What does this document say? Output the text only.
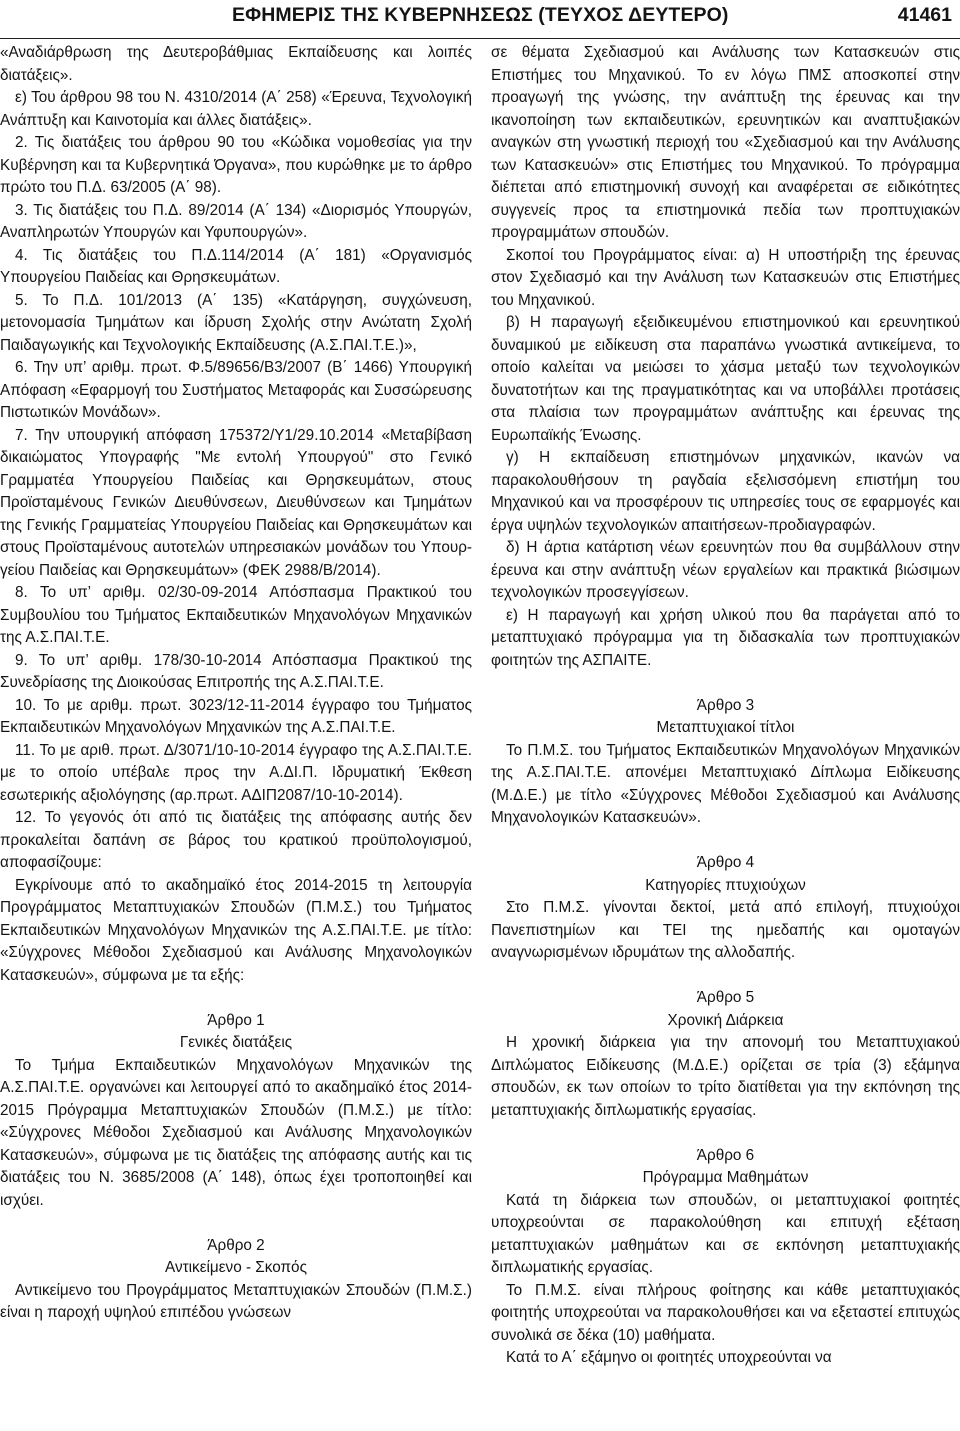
ΕΦΗΜΕΡΙΣ ΤΗΣ ΚΥΒΕΡΝΗΣΕΩΣ (ΤΕΥΧΟΣ ΔΕΥΤΕΡΟ)	41461

«Αναδιάρθρωση της Δευτεροβάθμιας Εκπαίδευσης και λοιπές διατάξεις».

ε) Του άρθρου 98 του Ν. 4310/2014 (Α΄ 258) «Έρευνα, Τεχνολογική Ανάπτυξη και Καινοτομία και άλλες διατάξεις».

2. Τις διατάξεις του άρθρου 90 του «Κώδικα νομοθεσίας για την Κυβέρνηση και τα Κυβερνητικά Όργανα», που κυρώθηκε με το άρθρο πρώτο του Π.Δ. 63/2005 (Α΄ 98).

3. Τις διατάξεις του Π.Δ. 89/2014 (Α΄ 134) «Διορισμός Υπουργών, Αναπληρωτών Υπουργών και Υφυπουργών».

4. Τις διατάξεις του Π.Δ.114/2014 (Α΄ 181) «Οργανισμός Υπουργείου Παιδείας και Θρησκευμάτων.

5. Το Π.Δ. 101/2013 (Α΄ 135) «Κατάργηση, συγχώνευση, μετονομασία Τμημάτων και ίδρυση Σχολής στην Ανώτατη Σχολή Παιδαγωγικής και Τεχνολογικής Εκπαίδευσης (Α.Σ.ΠΑΙ.Τ.Ε.)»,

6. Την υπ’ αριθμ. πρωτ. Φ.5/89656/Β3/2007 (Β΄ 1466) Υπουργική Απόφαση «Εφαρμογή του Συστήματος Μεταφοράς και Συσσώρευσης Πιστωτικών Μονάδων».

7. Την υπουργική απόφαση 175372/Υ1/29.10.2014 «Μεταβίβαση δικαιώματος Υπογραφής "Με εντολή Υπουργού" στο Γενικό Γραμματέα Υπουργείου Παιδείας και Θρησκευμάτων, στους Προϊσταμένους Γενικών Διευθύνσεων, Διευθύνσεων και Τμημάτων της Γενικής Γραμματείας Υπουργείου Παιδείας και Θρησκευμάτων και στους Προϊσταμένους αυτοτελών υπηρεσιακών μονάδων του Υπουργείου Παιδείας και Θρησκευμάτων» (ΦΕΚ 2988/Β/2014).

8. Το υπ’ αριθμ. 02/30-09-2014 Απόσπασμα Πρακτικού του Συμβουλίου του Τμήματος Εκπαιδευτικών Μηχανολόγων Μηχανικών της Α.Σ.ΠΑΙ.Τ.Ε.

9. Το υπ’ αριθμ. 178/30-10-2014 Απόσπασμα Πρακτικού της Συνεδρίασης της Διοικούσας Επιτροπής της Α.Σ.ΠΑΙ.Τ.Ε.

10. Το με αριθμ. πρωτ. 3023/12-11-2014 έγγραφο του Τμήματος Εκπαιδευτικών Μηχανολόγων Μηχανικών της Α.Σ.ΠΑΙ.Τ.Ε.

11. Το με αριθ. πρωτ. Δ/3071/10-10-2014 έγγραφο της Α.Σ.ΠΑΙ.Τ.Ε. με το οποίο υπέβαλε προς την Α.ΔΙ.Π. Ιδρυματική Έκθεση εσωτερικής αξιολόγησης (αρ.πρωτ. ΑΔΙΠ2087/10-10-2014).

12. Το γεγονός ότι από τις διατάξεις της απόφασης αυτής δεν προκαλείται δαπάνη σε βάρος του κρατικού προϋπολογισμού, αποφασίζουμε:

Εγκρίνουμε από το ακαδημαϊκό έτος 2014-2015 τη λειτουργία Προγράμματος Μεταπτυχιακών Σπουδών (Π.Μ.Σ.) του Τμήματος Εκπαιδευτικών Μηχανολόγων Μηχανικών της Α.Σ.ΠΑΙ.Τ.Ε. με τίτλο: «Σύγχρονες Μέθοδοι Σχεδιασμού και Ανάλυσης Μηχανολογικών Κατασκευών», σύμφωνα με τα εξής:

Άρθρο 1

Γενικές διατάξεις

Το Τμήμα Εκπαιδευτικών Μηχανολόγων Μηχανικών της Α.Σ.ΠΑΙ.Τ.Ε. οργανώνει και λειτουργεί από το ακαδημαϊκό έτος 2014-2015 Πρόγραμμα Μεταπτυχιακών Σπουδών (Π.Μ.Σ.) με τίτλο: «Σύγχρονες Μέθοδοι Σχεδιασμού και Ανάλυσης Μηχανολογικών Κατασκευών», σύμφωνα με τις διατάξεις της απόφασης αυτής και τις διατάξεις του Ν. 3685/2008 (Α΄ 148), όπως έχει τροποποιηθεί και ισχύει.

Άρθρο 2

Αντικείμενο - Σκοπός

Αντικείμενο του Προγράμματος Μεταπτυχιακών Σπουδών (Π.Μ.Σ.) είναι η παροχή υψηλού επιπέδου γνώσεων

σε θέματα Σχεδιασμού και Ανάλυσης των Κατασκευών στις Επιστήμες του Μηχανικού. Το εν λόγω ΠΜΣ αποσκοπεί στην προαγωγή της γνώσης, την ανάπτυξη της έρευνας και την ικανοποίηση των εκπαιδευτικών, ερευνητικών και αναπτυξιακών αναγκών στη γνωστική περιοχή του «Σχεδιασμού και την Ανάλυσης των Κατασκευών» στις Επιστήμες του Μηχανικού. Το πρόγραμμα διέπεται από επιστημονική συνοχή και αναφέρεται σε ειδικότητες συγγενείς προς τα επιστημονικά πεδία των προπτυχιακών προγραμμάτων σπουδών.

Σκοποί του Προγράμματος είναι: α) Η υποστήριξη της έρευνας στον Σχεδιασμό και την Ανάλυση των Κατασκευών στις Επιστήμες του Μηχανικού.

β) Η παραγωγή εξειδικευμένου επιστημονικού και ερευνητικού δυναμικού με ειδίκευση στα παραπάνω γνωστικά αντικείμενα, το οποίο καλείται να μειώσει το χάσμα μεταξύ των τεχνολογικών δυνατοτήτων και της πραγματικότητας και να υποβάλλει προτάσεις στα πλαίσια των προγραμμάτων ανάπτυξης και έρευνας της Ευρωπαϊκής Ένωσης.

γ) Η εκπαίδευση επιστημόνων μηχανικών, ικανών να παρακολουθήσουν τη ραγδαία εξελισσόμενη επιστήμη του Μηχανικού και να προσφέρουν τις υπηρεσίες τους σε εφαρμογές και έργα υψηλών τεχνολογικών απαιτήσεων-προδιαγραφών.

δ) Η άρτια κατάρτιση νέων ερευνητών που θα συμβάλλουν στην έρευνα και στην ανάπτυξη νέων εργαλείων και πρακτικά βιώσιμων τεχνολογικών προσεγγίσεων.

ε) Η παραγωγή και χρήση υλικού που θα παράγεται από το μεταπτυχιακό πρόγραμμα για τη διδασκαλία των προπτυχιακών φοιτητών της ΑΣΠΑΙΤΕ.

Άρθρο 3

Μεταπτυχιακοί τίτλοι

Το Π.Μ.Σ. του Τμήματος Εκπαιδευτικών Μηχανολόγων Μηχανικών της Α.Σ.ΠΑΙ.Τ.Ε. απονέμει Μεταπτυχιακό Δίπλωμα Ειδίκευσης (Μ.Δ.Ε.) με τίτλο «Σύγχρονες Μέθοδοι Σχεδιασμού και Ανάλυσης Μηχανολογικών Κατασκευών».

Άρθρο 4

Κατηγορίες πτυχιούχων

Στο Π.Μ.Σ. γίνονται δεκτοί, μετά από επιλογή, πτυχιούχοι Πανεπιστημίων και ΤΕΙ της ημεδαπής και ομοταγών αναγνωρισμένων ιδρυμάτων της αλλοδαπής.

Άρθρο 5

Χρονική Διάρκεια

Η χρονική διάρκεια για την απονομή του Μεταπτυχιακού Διπλώματος Ειδίκευσης (Μ.Δ.Ε.) ορίζεται σε τρία (3) εξάμηνα σπουδών, εκ των οποίων το τρίτο διατίθεται για την εκπόνηση της μεταπτυχιακής διπλωματικής εργασίας.

Άρθρο 6

Πρόγραμμα Μαθημάτων

Κατά τη διάρκεια των σπουδών, οι μεταπτυχιακοί φοιτητές υποχρεούνται σε παρακολούθηση και επιτυχή εξέταση μεταπτυχιακών μαθημάτων και σε εκπόνηση μεταπτυχιακής διπλωματικής εργασίας.

Το Π.Μ.Σ. είναι πλήρους φοίτησης και κάθε μεταπτυχιακός φοιτητής υποχρεούται να παρακολουθήσει και να εξεταστεί επιτυχώς συνολικά σε δέκα (10) μαθήματα.

Κατά το Α΄ εξάμηνο οι φοιτητές υποχρεούνται να
